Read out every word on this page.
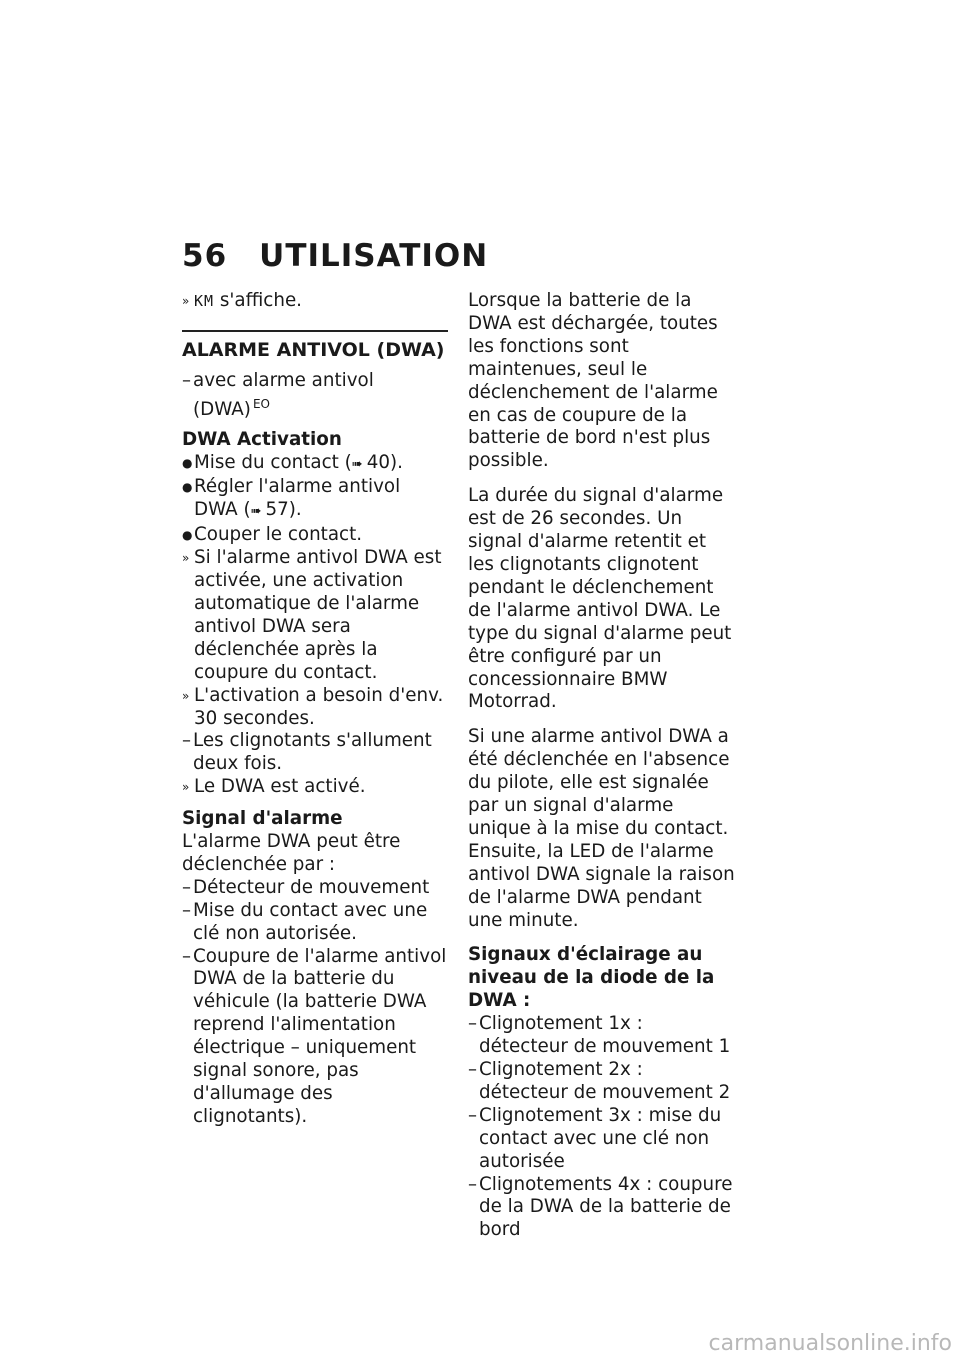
56 UTILISATION
» KM s'affiche.
ALARME ANTIVOL (DWA)
– avec alarme antivol (DWA) $^{EO}$
DWA Activation
● Mise du contact (➠ 40).
● Régler l'alarme antivol DWA (➠ 57).
● Couper le contact.
» Si l'alarme antivol DWA est activée, une activation automatique de l'alarme antivol DWA sera déclenchée après la coupure du contact.
» L'activation a besoin d'env. 30 secondes.
– Les clignotants s'allument deux fois.
» Le DWA est activé.
Signal d'alarme
L'alarme DWA peut être déclenchée par :
– Détecteur de mouvement
– Mise du contact avec une clé non autorisée.
– Coupure de l'alarme antivol DWA de la batterie du véhicule (la batterie DWA reprend l'alimentation électrique – uniquement signal sonore, pas d'allumage des clignotants).
Lorsque la batterie de la DWA est déchargée, toutes les fonctions sont maintenues, seul le déclenchement de l'alarme en cas de coupure de la batterie de bord n'est plus possible.
La durée du signal d'alarme est de 26 secondes. Un signal d'alarme retentit et les clignotants clignotent pendant le déclenchement de l'alarme antivol DWA. Le type du signal d'alarme peut être configuré par un concessionnaire BMW Motorrad.
Si une alarme antivol DWA a été déclenchée en l'absence du pilote, elle est signalée par un signal d'alarme unique à la mise du contact. Ensuite, la LED de l'alarme antivol DWA signale la raison de l'alarme DWA pendant une minute.
Signaux d'éclairage au niveau de la diode de la DWA :
– Clignotement 1x : détecteur de mouvement 1
– Clignotement 2x : détecteur de mouvement 2
– Clignotement 3x : mise du contact avec une clé non autorisée
– Clignotements 4x : coupure de la DWA de la batterie de bord
carmanualsonline.info
